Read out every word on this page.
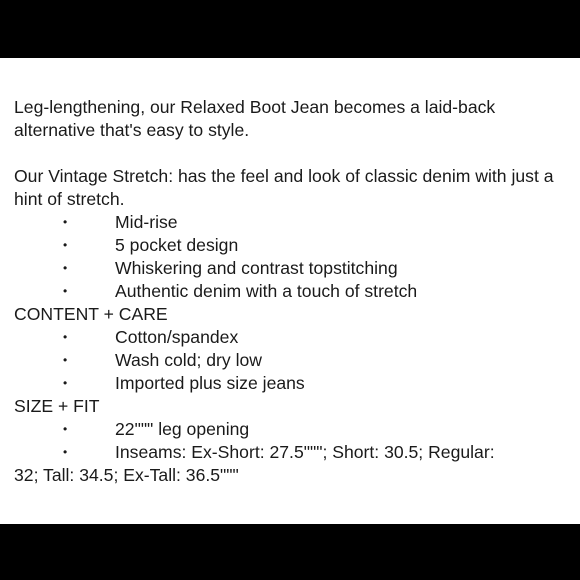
Leg-lengthening, our Relaxed Boot Jean becomes a laid-back alternative that's easy to style.

Our Vintage Stretch: has the feel and look of classic denim with just a hint of stretch.

•	Mid-rise
•	5 pocket design
•	Whiskering and contrast topstitching
•	Authentic denim with a touch of stretch

CONTENT + CARE

•	Cotton/spandex
•	Wash cold; dry low
•	Imported plus size jeans

SIZE + FIT

•	22""" leg opening
•	Inseams: Ex-Short: 27.5"""; Short: 30.5; Regular:
32; Tall: 34.5; Ex-Tall: 36.5"""
